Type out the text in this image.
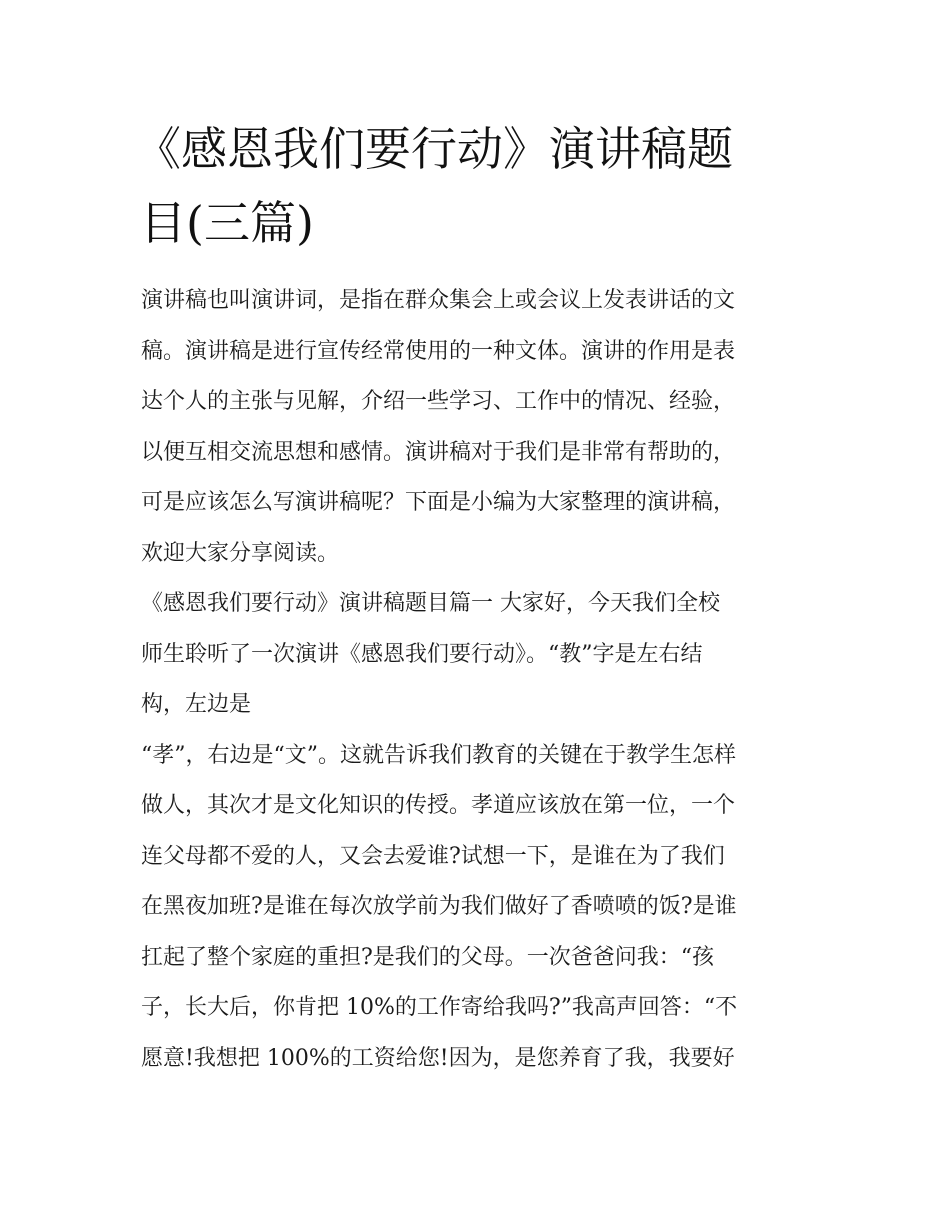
《感恩我们要行动》演讲稿题
目(三篇)
演讲稿也叫演讲词，是指在群众集会上或会议上发表讲话的文
稿。演讲稿是进行宣传经常使用的一种文体。演讲的作用是表
达个人的主张与见解，介绍一些学习、工作中的情况、经验，
以便互相交流思想和感情。演讲稿对于我们是非常有帮助的，
可是应该怎么写演讲稿呢？下面是小编为大家整理的演讲稿，
欢迎大家分享阅读。
《感恩我们要行动》演讲稿题目篇一 大家好，今天我们全校
师生聆听了一次演讲《感恩我们要行动》。“教”字是左右结
构，左边是
“孝”，右边是“文”。这就告诉我们教育的关键在于教学生怎样
做人，其次才是文化知识的传授。孝道应该放在第一位，一个
连父母都不爱的人，又会去爱谁?试想一下，是谁在为了我们
在黑夜加班?是谁在每次放学前为我们做好了香喷喷的饭?是谁
扛起了整个家庭的重担?是我们的父母。一次爸爸问我：“孩
子，长大后，你肯把 10%的工作寄给我吗?”我高声回答：“不
愿意!我想把 100%的工资给您!因为，是您养育了我，我要好
